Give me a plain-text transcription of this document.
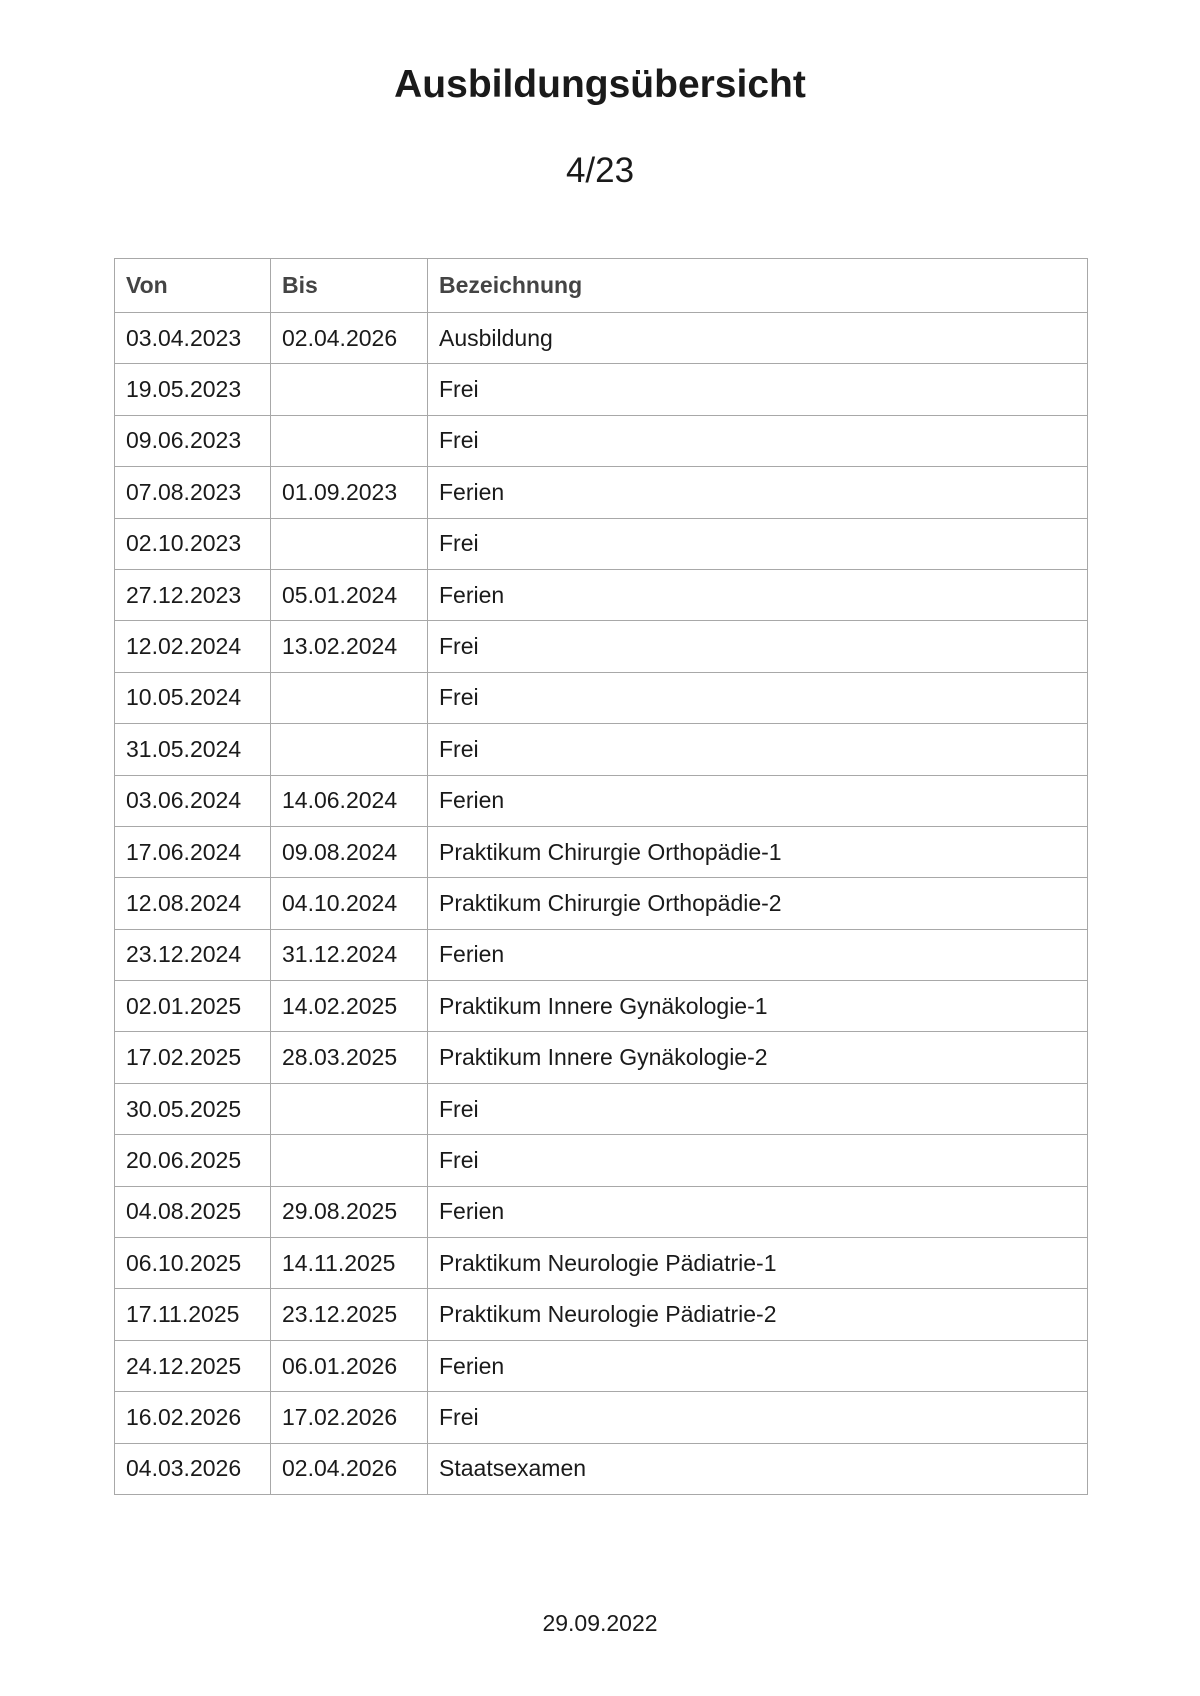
Ausbildungsübersicht
4/23
Von	Bis	Bezeichnung
03.04.2023	02.04.2026	Ausbildung
19.05.2023		Frei
09.06.2023		Frei
07.08.2023	01.09.2023	Ferien
02.10.2023		Frei
27.12.2023	05.01.2024	Ferien
12.02.2024	13.02.2024	Frei
10.05.2024		Frei
31.05.2024		Frei
03.06.2024	14.06.2024	Ferien
17.06.2024	09.08.2024	Praktikum Chirurgie Orthopädie-1
12.08.2024	04.10.2024	Praktikum Chirurgie Orthopädie-2
23.12.2024	31.12.2024	Ferien
02.01.2025	14.02.2025	Praktikum Innere Gynäkologie-1
17.02.2025	28.03.2025	Praktikum Innere Gynäkologie-2
30.05.2025		Frei
20.06.2025		Frei
04.08.2025	29.08.2025	Ferien
06.10.2025	14.11.2025	Praktikum Neurologie Pädiatrie-1
17.11.2025	23.12.2025	Praktikum Neurologie Pädiatrie-2
24.12.2025	06.01.2026	Ferien
16.02.2026	17.02.2026	Frei
04.03.2026	02.04.2026	Staatsexamen
29.09.2022
